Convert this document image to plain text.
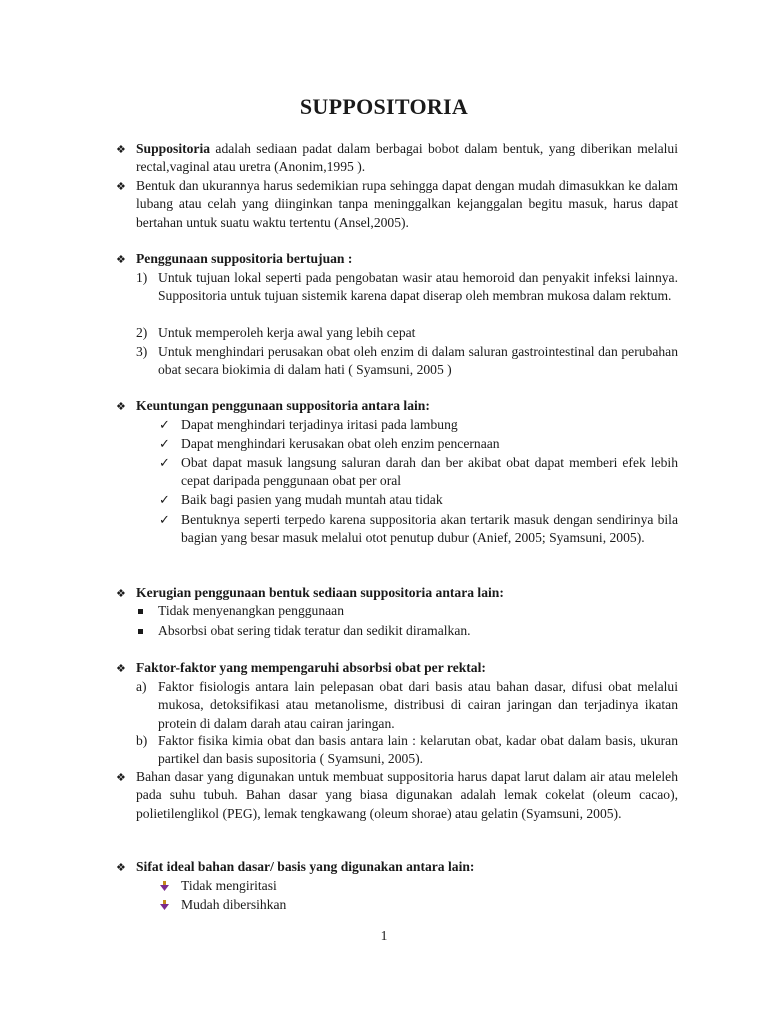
SUPPOSITORIA
❖ Suppositoria adalah sediaan padat dalam berbagai bobot dalam bentuk, yang diberikan melalui rectal,vaginal atau uretra (Anonim,1995 ).
❖ Bentuk dan ukurannya harus sedemikian rupa sehingga dapat dengan mudah dimasukkan ke dalam lubang atau celah yang diinginkan tanpa meninggalkan kejanggalan begitu masuk, harus dapat bertahan untuk suatu waktu tertentu (Ansel,2005).
❖ Penggunaan suppositoria bertujuan :
1) Untuk tujuan lokal seperti pada pengobatan wasir atau hemoroid dan penyakit infeksi lainnya. Suppositoria untuk tujuan sistemik karena dapat diserap oleh membran mukosa dalam rektum.
2) Untuk memperoleh kerja awal yang lebih cepat
3) Untuk menghindari perusakan obat oleh enzim di dalam saluran gastrointestinal dan perubahan obat secara biokimia di dalam hati ( Syamsuni, 2005 )
❖ Keuntungan penggunaan suppositoria antara lain:
✓ Dapat menghindari terjadinya iritasi pada lambung
✓ Dapat menghindari kerusakan obat oleh enzim pencernaan
✓ Obat dapat masuk langsung saluran darah dan ber akibat obat dapat memberi efek lebih cepat daripada penggunaan obat per oral
✓ Baik bagi pasien yang mudah muntah atau tidak
✓ Bentuknya seperti terpedo karena suppositoria akan tertarik masuk dengan sendirinya bila bagian yang besar masuk melalui otot penutup dubur (Anief, 2005; Syamsuni, 2005).
❖ Kerugian penggunaan bentuk sediaan suppositoria antara lain:
Tidak menyenangkan penggunaan
Absorbsi obat sering tidak teratur dan sedikit diramalkan.
❖ Faktor-faktor yang mempengaruhi absorbsi obat per rektal:
a) Faktor fisiologis antara lain pelepasan obat dari basis atau bahan dasar, difusi obat melalui mukosa, detoksifikasi atau metanolisme, distribusi di cairan jaringan dan terjadinya ikatan protein di dalam darah atau cairan jaringan.
b) Faktor fisika kimia obat dan basis antara lain : kelarutan obat, kadar obat dalam basis, ukuran partikel dan basis supositoria ( Syamsuni, 2005).
❖ Bahan dasar yang digunakan untuk membuat suppositoria harus dapat larut dalam air atau meleleh pada suhu tubuh. Bahan dasar yang biasa digunakan adalah lemak cokelat (oleum cacao), polietilenglikol (PEG), lemak tengkawang (oleum shorae) atau gelatin (Syamsuni, 2005).
❖ Sifat ideal bahan dasar/ basis yang digunakan antara lain:
Tidak mengiritasi
Mudah dibersihkan
1
